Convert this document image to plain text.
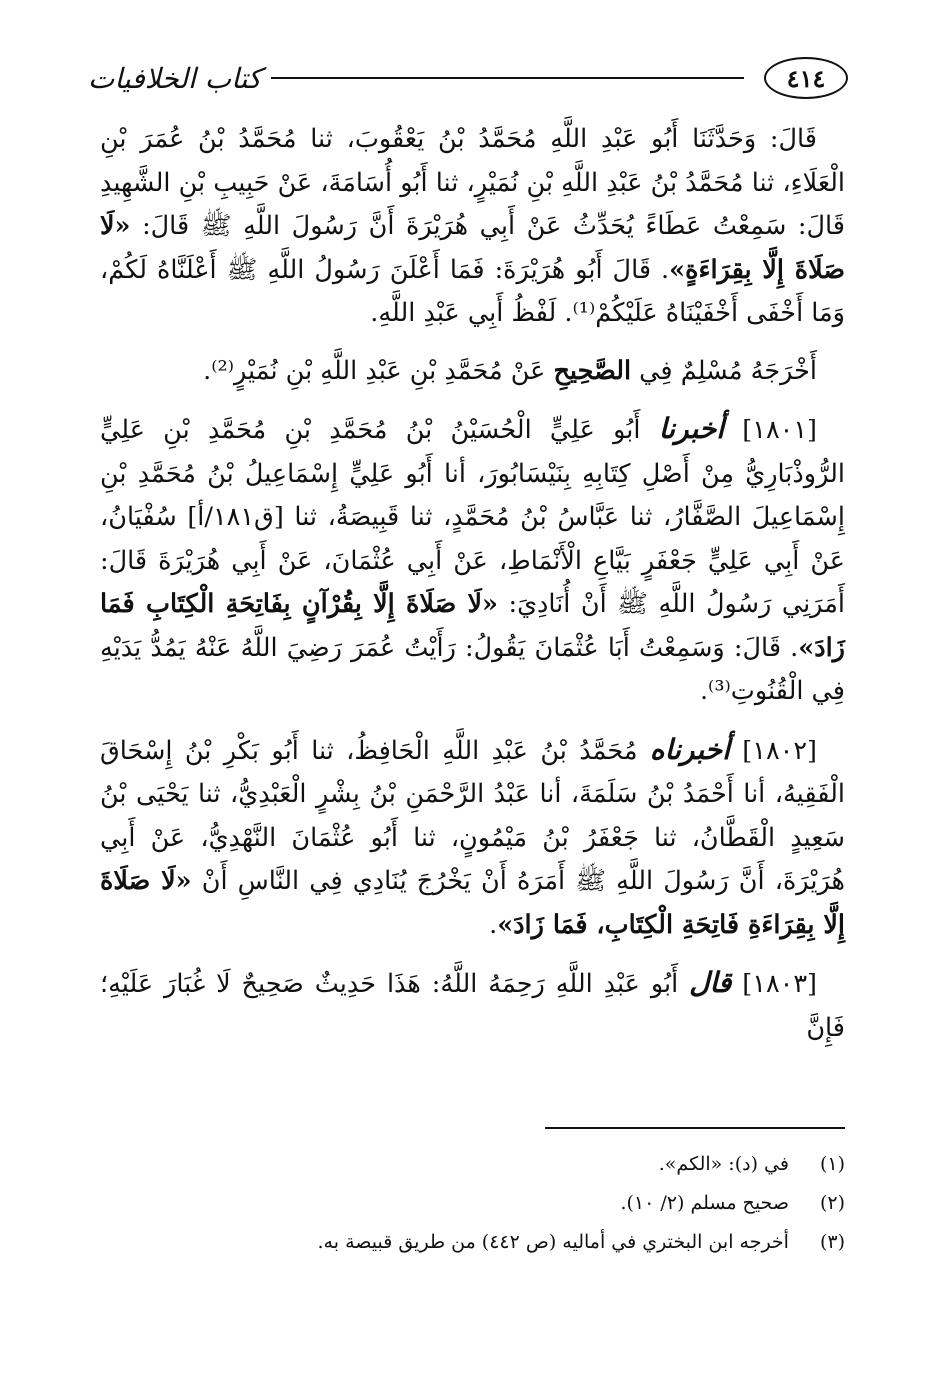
٤١٤
كتاب الخلافيات

قَالَ: وَحَدَّثَنَا أَبُو عَبْدِ اللَّهِ مُحَمَّدُ بْنُ يَعْقُوبَ، ثنا مُحَمَّدُ بْنُ عُمَرَ بْنِ الْعَلَاءِ، ثنا مُحَمَّدُ بْنُ عَبْدِ اللَّهِ بْنِ نُمَيْرٍ، ثنا أَبُو أُسَامَةَ، عَنْ حَبِيبِ بْنِ الشَّهِيدِ قَالَ: سَمِعْتُ عَطَاءً يُحَدِّثُ عَنْ أَبِي هُرَيْرَةَ أَنَّ رَسُولَ اللَّهِ ﷺ قَالَ: «لَا صَلَاةَ إِلَّا بِقِرَاءَةٍ». قَالَ أَبُو هُرَيْرَةَ: فَمَا أَعْلَنَ رَسُولُ اللَّهِ ﷺ أَعْلَنَّاهُ لَكُمْ، وَمَا أَخْفَى أَخْفَيْنَاهُ عَلَيْكُمْ⁽¹⁾. لَفْظُ أَبِي عَبْدِ اللَّهِ.

أَخْرَجَهُ مُسْلِمٌ فِي الصَّحِيحِ عَنْ مُحَمَّدِ بْنِ عَبْدِ اللَّهِ بْنِ نُمَيْرٍ⁽²⁾.

[١٨٠١] أخبرنا أَبُو عَلِيٍّ الْحُسَيْنُ بْنُ مُحَمَّدِ بْنِ مُحَمَّدِ بْنِ عَلِيٍّ الرُّوذْبَارِيُّ مِنْ أَصْلِ كِتَابِهِ بِنَيْسَابُورَ، أنا أَبُو عَلِيٍّ إِسْمَاعِيلُ بْنُ مُحَمَّدِ بْنِ إِسْمَاعِيلَ الصَّفَّارُ، ثنا عَبَّاسُ بْنُ مُحَمَّدٍ، ثنا قَبِيصَةُ، ثنا [ق١٨١/أ] سُفْيَانُ، عَنْ أَبِي عَلِيٍّ جَعْفَرٍ بَيَّاعِ الْأَنْمَاطِ، عَنْ أَبِي عُثْمَانَ، عَنْ أَبِي هُرَيْرَةَ قَالَ: أَمَرَنِي رَسُولُ اللَّهِ ﷺ أَنْ أُنَادِيَ: «لَا صَلَاةَ إِلَّا بِقُرْآنٍ بِفَاتِحَةِ الْكِتَابِ فَمَا زَادَ». قَالَ: وَسَمِعْتُ أَبَا عُثْمَانَ يَقُولُ: رَأَيْتُ عُمَرَ رَضِيَ اللَّهُ عَنْهُ يَمُدُّ يَدَيْهِ فِي الْقُنُوتِ⁽³⁾.

[١٨٠٢] أخبرناه مُحَمَّدُ بْنُ عَبْدِ اللَّهِ الْحَافِظُ، ثنا أَبُو بَكْرِ بْنُ إِسْحَاقَ الْفَقِيهُ، أنا أَحْمَدُ بْنُ سَلَمَةَ، أنا عَبْدُ الرَّحْمَنِ بْنُ بِشْرٍ الْعَبْدِيُّ، ثنا يَحْيَى بْنُ سَعِيدٍ الْقَطَّانُ، ثنا جَعْفَرُ بْنُ مَيْمُونٍ، ثنا أَبُو عُثْمَانَ النَّهْدِيُّ، عَنْ أَبِي هُرَيْرَةَ، أَنَّ رَسُولَ اللَّهِ ﷺ أَمَرَهُ أَنْ يَخْرُجَ يُنَادِي فِي النَّاسِ أَنْ «لَا صَلَاةَ إِلَّا بِقِرَاءَةِ فَاتِحَةِ الْكِتَابِ، فَمَا زَادَ».

[١٨٠٣] قال أَبُو عَبْدِ اللَّهِ رَحِمَهُ اللَّهُ: هَذَا حَدِيثٌ صَحِيحٌ لَا غُبَارَ عَلَيْهِ؛ فَإِنَّ

(١) في (د): «الكم».

(٢) صحيح مسلم (٢/ ١٠).

(٣) أخرجه ابن البختري في أماليه (ص ٤٤٢) من طريق قبيصة به.
